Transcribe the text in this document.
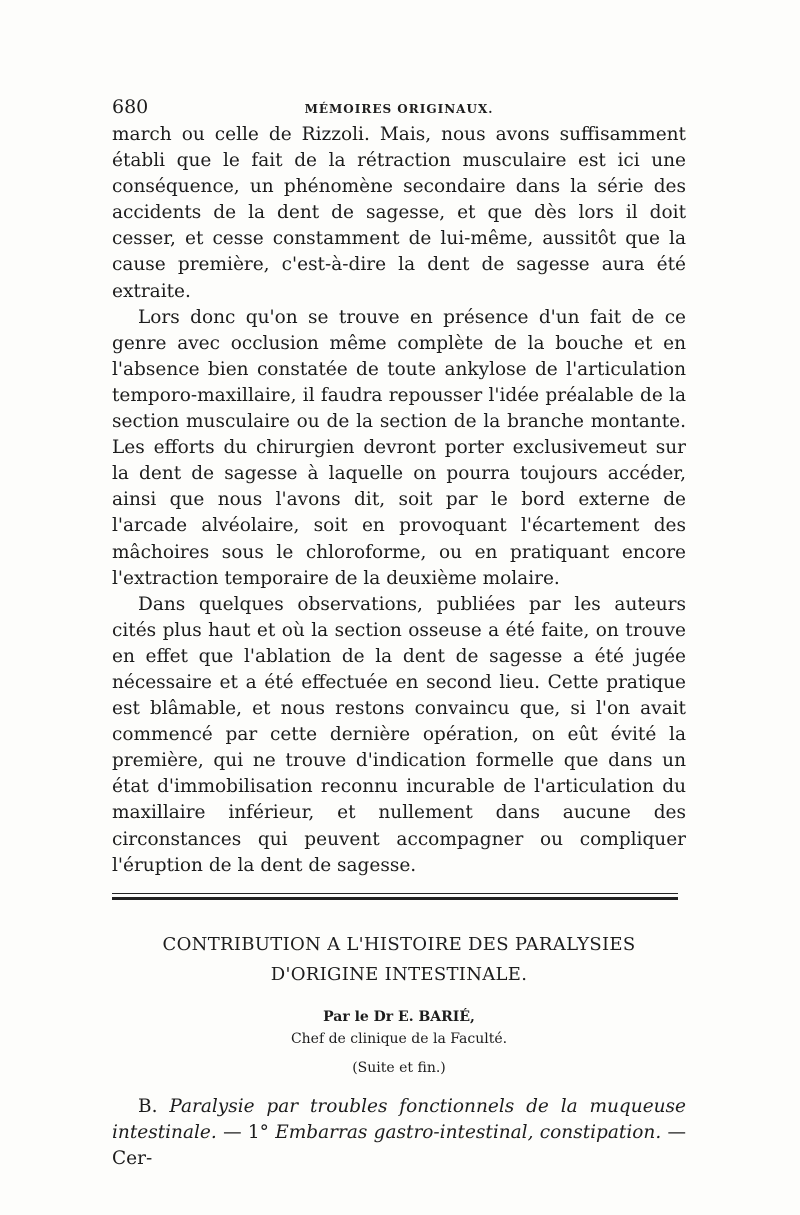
680	MÉMOIRES ORIGINAUX.

march ou celle de Rizzoli. Mais, nous avons suffisamment établi que le fait de la rétraction musculaire est ici une conséquence, un phénomène secondaire dans la série des accidents de la dent de sagesse, et que dès lors il doit cesser, et cesse constamment de lui-même, aussitôt que la cause première, c'est-à-dire la dent de sagesse aura été extraite.

Lors donc qu'on se trouve en présence d'un fait de ce genre avec occlusion même complète de la bouche et en l'absence bien constatée de toute ankylose de l'articulation temporo-maxillaire, il faudra repousser l'idée préalable de la section musculaire ou de la section de la branche montante. Les efforts du chirurgien devront porter exclusivemeut sur la dent de sagesse à laquelle on pourra toujours accéder, ainsi que nous l'avons dit, soit par le bord externe de l'arcade alvéolaire, soit en provoquant l'écartement des mâchoires sous le chloroforme, ou en pratiquant encore l'extraction temporaire de la deuxième molaire.

Dans quelques observations, publiées par les auteurs cités plus haut et où la section osseuse a été faite, on trouve en effet que l'ablation de la dent de sagesse a été jugée nécessaire et a été effectuée en second lieu. Cette pratique est blâmable, et nous restons convaincu que, si l'on avait commencé par cette dernière opération, on eût évité la première, qui ne trouve d'indication formelle que dans un état d'immobilisation reconnu incurable de l'articulation du maxillaire inférieur, et nullement dans aucune des circonstances qui peuvent accompagner ou compliquer l'éruption de la dent de sagesse.

CONTRIBUTION A L'HISTOIRE DES PARALYSIES
D'ORIGINE INTESTINALE.
Par le Dr E. BARIÉ,
Chef de clinique de la Faculté.
(Suite et fin.)

B. Paralysie par troubles fonctionnels de la muqueuse intestinale. — 1° Embarras gastro-intestinal, constipation. — Cer-
